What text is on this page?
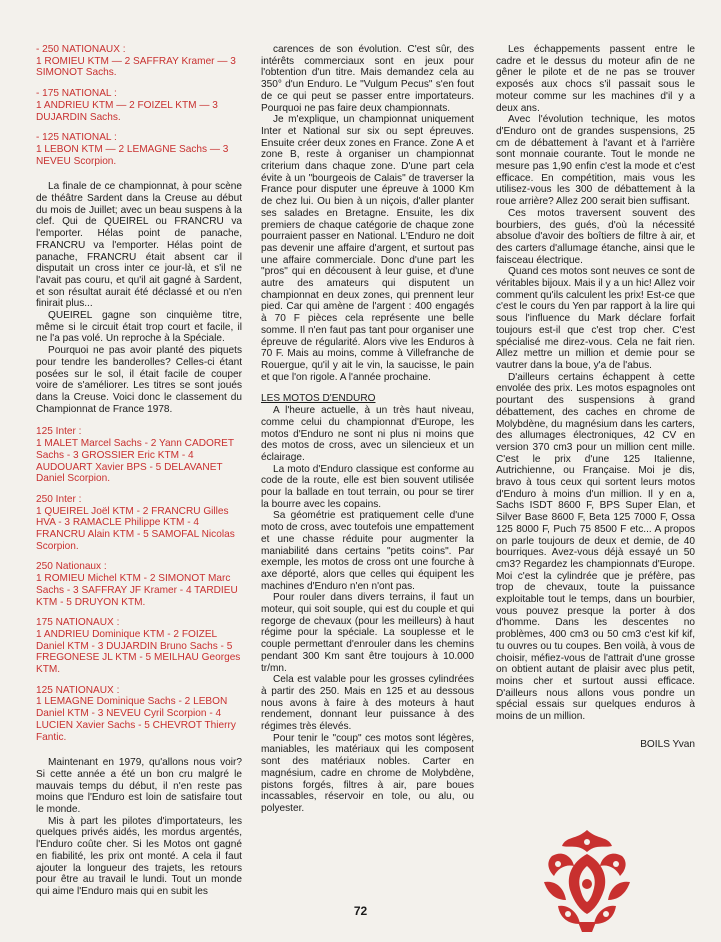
- 250 NATIONAUX :

1 ROMIEU KTM — 2 SAFFRAY Kramer — 3 SIMONOT Sachs.

- 175 NATIONAL :

1 ANDRIEU KTM — 2 FOIZEL KTM — 3 DUJARDIN Sachs.

- 125 NATIONAL :

1 LEBON KTM — 2 LEMAGNE Sachs — 3 NEVEU Scorpion.

La finale de ce championnat, à pour scène de théâtre Sardent dans la Creuse au début du mois de Juillet; avec un beau suspens à la clef. Qui de QUEIREL ou FRANCRU va l'emporter. Hélas point de panache, FRANCRU va l'emporter. Hélas point de panache, FRANCRU était absent car il disputait un cross inter ce jour-là, et s'il ne l'avait pas couru, et qu'il ait gagné à Sardent, et son résultat aurait été déclassé et ou n'en finirait plus...

QUEIREL gagne son cinquième titre, même si le circuit était trop court et facile, il ne l'a pas volé. Un reproche à la Spéciale.

Pourquoi ne pas avoir planté des piquets pour tendre les banderolles? Celles-ci étant posées sur le sol, il était facile de couper voire de s'améliorer. Les titres se sont joués dans la Creuse. Voici donc le classement du Championnat de France 1978.

125 Inter :

1 MALET Marcel Sachs - 2 Yann CADORET Sachs - 3 GROSSIER Eric KTM - 4 AUDOUART Xavier BPS - 5 DELAVANET Daniel Scorpion.

250 Inter :

1 QUEIREL Joël KTM - 2 FRANCRU Gilles HVA - 3 RAMACLE Philippe KTM - 4 FRANCRU Alain KTM - 5 SAMOFAL Nicolas Scorpion.

250 Nationaux :

1 ROMIEU Michel KTM - 2 SIMONOT Marc Sachs - 3 SAFFRAY JF Kramer - 4 TARDIEU KTM - 5 DRUYON KTM.

175 NATIONAUX :

1 ANDRIEU Dominique KTM - 2 FOIZEL Daniel KTM - 3 DUJARDIN Bruno Sachs - 5 FREGONESE JL KTM - 5 MEILHAU Georges KTM.

125 NATIONAUX :

1 LEMAGNE Dominique Sachs - 2 LEBON Daniel KTM - 3 NEVEU Cyril Scorpion - 4 LUCIEN Xavier Sachs - 5 CHEVROT Thierry Fantic.

Maintenant en 1979, qu'allons nous voir? Si cette année a été un bon cru malgré le mauvais temps du début, il n'en reste pas moins que l'Enduro est loin de satisfaire tout le monde.

Mis à part les pilotes d'importateurs, les quelques privés aidés, les mordus argentés, l'Enduro coûte cher. Si les Motos ont gagné en fiabilité, les prix ont monté. A cela il faut ajouter la longueur des trajets, les retours pour être au travail le lundi. Tout un monde qui aime l'Enduro mais qui en subit les

carences de son évolution. C'est sûr, des intérêts commerciaux sont en jeux pour l'obtention d'un titre. Mais demandez cela au 350° d'un Enduro. Le "Vulgum Pecus" s'en fout de ce qui peut se passer entre importateurs. Pourquoi ne pas faire deux championnats.

Je m'explique, un championnat uniquement Inter et National sur six ou sept épreuves. Ensuite créer deux zones en France. Zone A et zone B, reste à organiser un championnat criterium dans chaque zone. D'une part cela évite à un "bourgeois de Calais" de traverser la France pour disputer une épreuve à 1000 Km de chez lui. Ou bien à un niçois, d'aller planter ses salades en Bretagne. Ensuite, les dix premiers de chaque catégorie de chaque zone pourraient passer en National. L'Enduro ne doit pas devenir une affaire d'argent, et surtout pas une affaire commerciale. Donc d'une part les "pros" qui en décousent à leur guise, et d'une autre des amateurs qui disputent un championnat en deux zones, qui prennent leur pied. Car qui amène de l'argent : 400 engagés à 70 F pièces cela représente une belle somme. Il n'en faut pas tant pour organiser une épreuve de régularité. Alors vive les Enduros à 70 F. Mais au moins, comme à Villefranche de Rouergue, qu'il y ait le vin, la saucisse, le pain et que l'on rigole. A l'année prochaine.

LES MOTOS D'ENDURO

A l'heure actuelle, à un très haut niveau, comme celui du championnat d'Europe, les motos d'Enduro ne sont ni plus ni moins que des motos de cross, avec un silencieux et un éclairage.

La moto d'Enduro classique est conforme au code de la route, elle est bien souvent utilisée pour la ballade en tout terrain, ou pour se tirer la bourre avec les copains.

Sa géométrie est pratiquement celle d'une moto de cross, avec toutefois une empattement et une chasse réduite pour augmenter la maniabilité dans certains "petits coins". Par exemple, les motos de cross ont une fourche à axe déporté, alors que celles qui équipent les machines d'Enduro n'en n'ont pas.

Pour rouler dans divers terrains, il faut un moteur, qui soit souple, qui est du couple et qui regorge de chevaux (pour les meilleurs) à haut régime pour la spéciale. La souplesse et le couple permettant d'enrouler dans les chemins pendant 300 Km sant être toujours à 10.000 tr/mn.

Cela est valable pour les grosses cylindrées à partir des 250. Mais en 125 et au dessous nous avons à faire à des moteurs à haut rendement, donnant leur puissance à des régimes très élevés.

Pour tenir le "coup" ces motos sont légères, maniables, les matériaux qui les composent sont des matériaux nobles. Carter en magnésium, cadre en chrome de Molybdène, pistons forgés, filtres à air, pare boues incassables, réservoir en tole, ou alu, ou polyester.

Les échappements passent entre le cadre et le dessus du moteur afin de ne gêner le pilote et de ne pas se trouver exposés aux chocs s'il passait sous le moteur comme sur les machines d'il y a deux ans.

Avec l'évolution technique, les motos d'Enduro ont de grandes suspensions, 25 cm de débattement à l'avant et à l'arrière sont monnaie courante. Tout le monde ne mesure pas 1,90 enfin c'est la mode et c'est efficace. En compétition, mais vous les utilisez-vous les 300 de débattement à la roue arrière? Allez 200 serait bien suffisant.

Ces motos traversent souvent des bourbiers, des gués, d'où la nécessité absolue d'avoir des boîtiers de filtre à air, et des carters d'allumage étanche, ainsi que le faisceau électrique.

Quand ces motos sont neuves ce sont de véritables bijoux. Mais il y a un hic! Allez voir comment qu'ils calculent les prix! Est-ce que c'est le cours du Yen par rapport à la lire qui sous l'influence du Mark déclare forfait toujours est-il que c'est trop cher. C'est spécialisé me direz-vous. Cela ne fait rien. Allez mettre un million et demie pour se vautrer dans la boue, y'a de l'abus.

D'ailleurs certains échappent à cette envolée des prix. Les motos espagnoles ont pourtant des suspensions à grand débattement, des caches en chrome de Molybdène, du magnésium dans les carters, des allumages électroniques, 42 CV en version 370 cm3 pour un million cent mille. C'est le prix d'une 125 Italienne, Autrichienne, ou Française. Moi je dis, bravo à tous ceux qui sortent leurs motos d'Enduro à moins d'un million. Il y en a, Sachs ISDT 8600 F, BPS Super Elan, et Silver Base 8600 F, Beta 125 7000 F, Ossa 125 8000 F, Puch 75 8500 F etc... A propos on parle toujours de deux et demie, de 40 bourriques. Avez-vous déjà essayé un 50 cm3? Regardez les championnats d'Europe. Moi c'est la cylindrée que je préfère, pas trop de chevaux, toute la puissance exploitable tout le temps, dans un bourbier, vous pouvez presque la porter à dos d'homme. Dans les descentes no problèmes, 400 cm3 ou 50 cm3 c'est kif kif, tu ouvres ou tu coupes. Ben voilà, à vous de choisir, méfiez-vous de l'attrait d'une grosse on obtient autant de plaisir avec plus petit, moins cher et surtout aussi efficace. D'ailleurs nous allons vous pondre un spécial essais sur quelques enduros à moins de un million.

BOILS Yvan

72
